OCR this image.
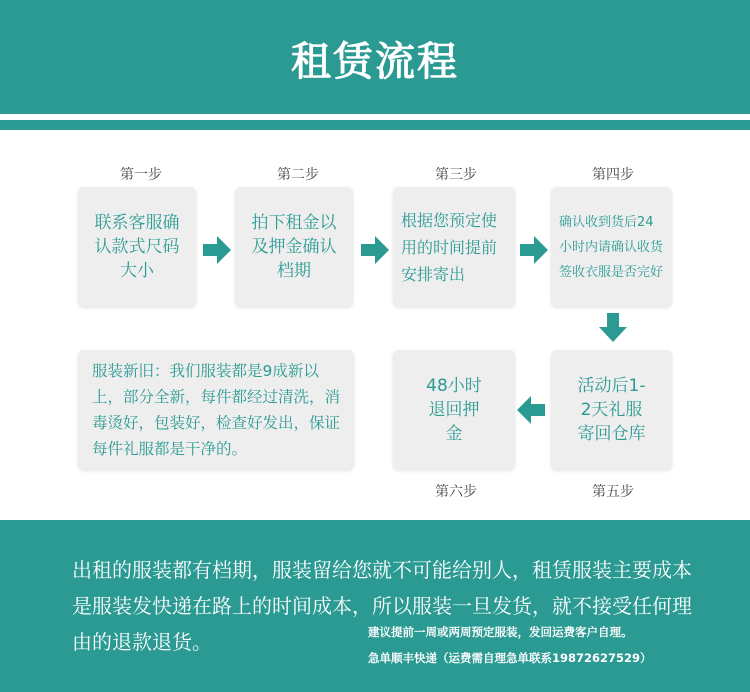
租赁流程
第一步	第二步	第三步	第四步
联系客服确认款式尺码大小
拍下租金以及押金确认档期
根据您预定使用的时间提前安排寄出
确认收到货后24小时内请确认收货签收衣服是否完好
服装新旧：我们服装都是9成新以上，部分全新，每件都经过清洗，消毒烫好，包装好，检查好发出，保证每件礼服都是干净的。
48小时退回押金
活动后1-2天礼服寄回仓库
第六步	第五步
出租的服装都有档期，服装留给您就不可能给别人，租赁服装主要成本是服装发快递在路上的时间成本，所以服装一旦发货，就不接受任何理由的退款退货。	建议提前一周或两周预定服装，发回运费客户自理。
急单顺丰快递（运费需自理急单联系19872627529）
